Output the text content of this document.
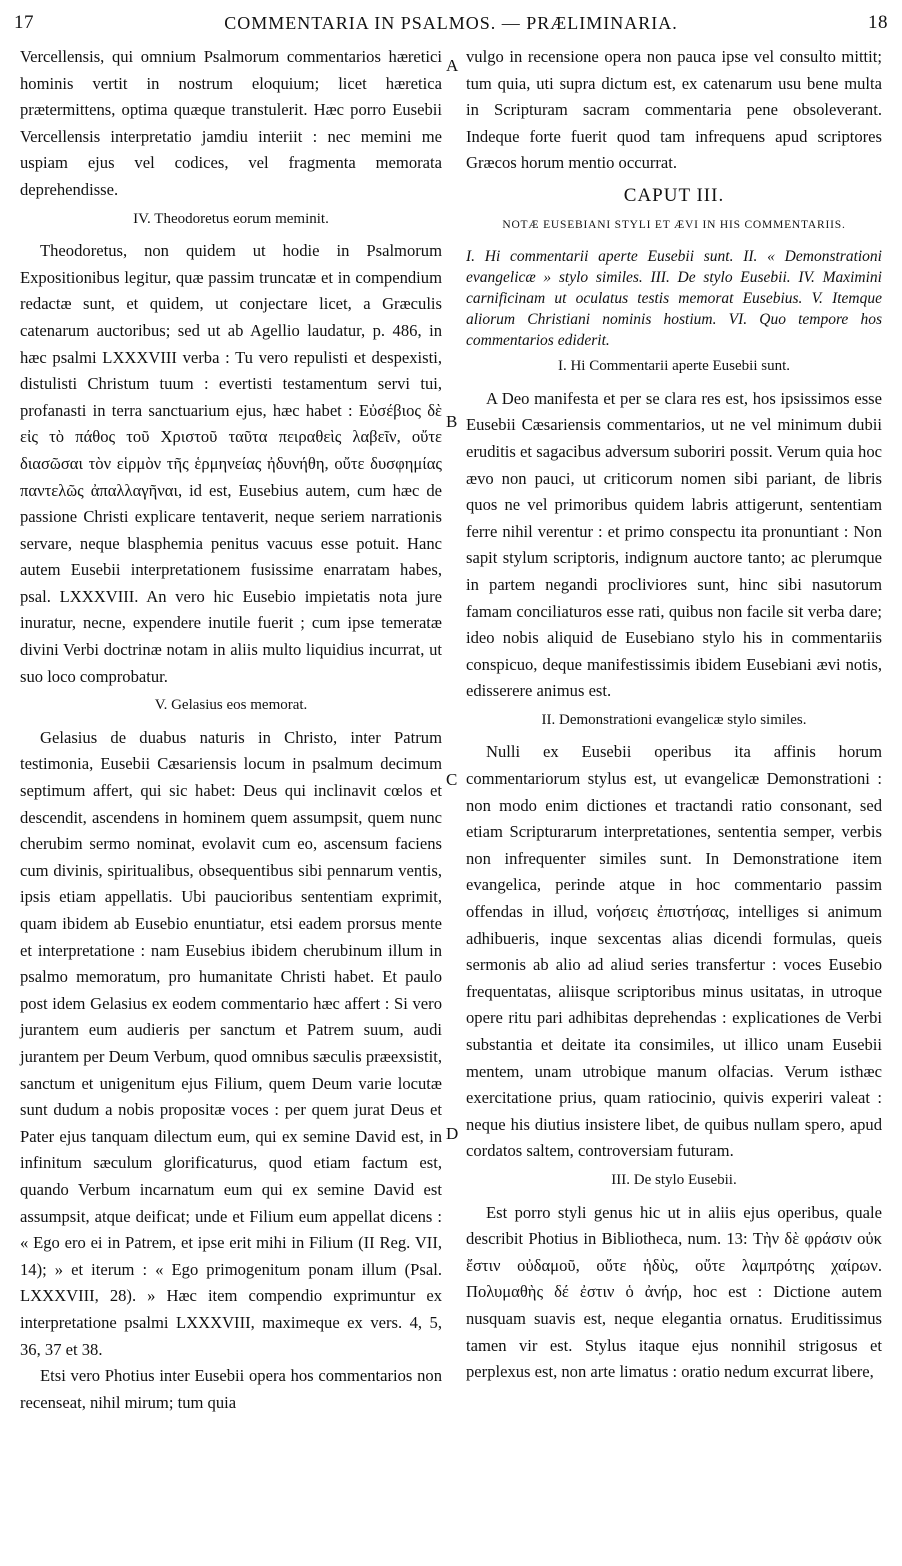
17	COMMENTARIA IN PSALMOS. — PRÆLIMINARIA.	18
A
B
C
D

Vercellensis, qui omnium Psalmorum commentarios hæretici hominis vertit in nostrum eloquium; licet hæretica prætermittens, optima quæque transtulerit. Hæc porro Eusebii Vercellensis interpretatio jamdiu interiit : nec memini me uspiam ejus vel codices, vel fragmenta memorata deprehendisse.

IV. Theodoretus eorum meminit.

Theodoretus, non quidem ut hodie in Psalmorum Expositionibus legitur, quæ passim truncatæ et in compendium redactæ sunt, et quidem, ut conjectare licet, a Græculis catenarum auctoribus; sed ut ab Agellio laudatur, p. 486, in hæc psalmi LXXXVIII verba : Tu vero repulisti et despexisti, distulisti Christum tuum : evertisti testamentum servi tui, profanasti in terra sanctuarium ejus, hæc habet : Εὐσέβιος δὲ εἰς τὸ πάθος τοῦ Χριστοῦ ταῦτα πειραθεὶς λαβεῖν, οὔτε διασῶσαι τὸν εἱρμὸν τῆς ἑρμηνείας ἠδυνήθη, οὔτε δυσφημίας παντελῶς ἀπαλλαγῆναι, id est, Eusebius autem, cum hæc de passione Christi explicare tentaverit, neque seriem narrationis servare, neque blasphemia penitus vacuus esse potuit. Hanc autem Eusebii interpretationem fusissime enarratam habes, psal. LXXXVIII. An vero hic Eusebio impietatis nota jure inuratur, necne, expendere inutile fuerit ; cum ipse temeratæ divini Verbi doctrinæ notam in aliis multo liquidius incurrat, ut suo loco comprobatur.

V. Gelasius eos memorat.

Gelasius de duabus naturis in Christo, inter Patrum testimonia, Eusebii Cæsariensis locum in psalmum decimum septimum affert, qui sic habet: Deus qui inclinavit cœlos et descendit, ascendens in hominem quem assumpsit, quem nunc cherubim sermo nominat, evolavit cum eo, ascensum faciens cum divinis, spiritualibus, obsequentibus sibi pennarum ventis, ipsis etiam appellatis. Ubi paucioribus sententiam exprimit, quam ibidem ab Eusebio enuntiatur, etsi eadem prorsus mente et interpretatione : nam Eusebius ibidem cherubinum illum in psalmo memoratum, pro humanitate Christi habet. Et paulo post idem Gelasius ex eodem commentario hæc affert : Si vero jurantem eum audieris per sanctum et Patrem suum, audi jurantem per Deum Verbum, quod omnibus sæculis præexsistit, sanctum et unigenitum ejus Filium, quem Deum varie locutæ sunt dudum a nobis propositæ voces : per quem jurat Deus et Pater ejus tanquam dilectum eum, qui ex semine David est, in infinitum sæculum glorificaturus, quod etiam factum est, quando Verbum incarnatum eum qui ex semine David est assumpsit, atque deificat; unde et Filium eum appellat dicens : « Ego ero ei in Patrem, et ipse erit mihi in Filium (II Reg. VII, 14); » et iterum : « Ego primogenitum ponam illum (Psal. LXXXVIII, 28). » Hæc item compendio exprimuntur ex interpretatione psalmi LXXXVIII, maximeque ex vers. 4, 5, 36, 37 et 38.

Etsi vero Photius inter Eusebii opera hos commentarios non recenseat, nihil mirum; tum quia

vulgo in recensione opera non pauca ipse vel consulto mittit; tum quia, uti supra dictum est, ex catenarum usu bene multa in Scripturam sacram commentaria pene obsoleverant. Indeque forte fuerit quod tam infrequens apud scriptores Græcos horum mentio occurrat.

CAPUT III.
NOTÆ EUSEBIANI STYLI ET ÆVI IN HIS COMMENTARIIS.

I. Hi commentarii aperte Eusebii sunt. II. « Demonstrationi evangelicæ » stylo similes. III. De stylo Eusebii. IV. Maximini carnificinam ut oculatus testis memorat Eusebius. V. Itemque aliorum Christiani nominis hostium. VI. Quo tempore hos commentarios ediderit.

I. Hi Commentarii aperte Eusebii sunt.

A Deo manifesta et per se clara res est, hos ipsissimos esse Eusebii Cæsariensis commentarios, ut ne vel minimum dubii eruditis et sagacibus adversum suboriri possit. Verum quia hoc ævo non pauci, ut criticorum nomen sibi pariant, de libris quos ne vel primoribus quidem labris attigerunt, sententiam ferre nihil verentur : et primo conspectu ita pronuntiant : Non sapit stylum scriptoris, indignum auctore tanto; ac plerumque in partem negandi procliviores sunt, hinc sibi nasutorum famam conciliaturos esse rati, quibus non facile sit verba dare; ideo nobis aliquid de Eusebiano stylo his in commentariis conspicuo, deque manifestissimis ibidem Eusebiani ævi notis, edisserere animus est.

II. Demonstrationi evangelicæ stylo similes.

Nulli ex Eusebii operibus ita affinis horum commentariorum stylus est, ut evangelicæ Demonstrationi : non modo enim dictiones et tractandi ratio consonant, sed etiam Scripturarum interpretationes, sententia semper, verbis non infrequenter similes sunt. In Demonstratione item evangelica, perinde atque in hoc commentario passim offendas in illud, νοήσεις ἐπιστήσας, intelliges si animum adhibueris, inque sexcentas alias dicendi formulas, queis sermonis ab alio ad aliud series transfertur : voces Eusebio frequentatas, aliisque scriptoribus minus usitatas, in utroque opere ritu pari adhibitas deprehendas : explicationes de Verbi substantia et deitate ita consimiles, ut illico unam Eusebii mentem, unam utrobique manum olfacias. Verum isthæc exercitatione prius, quam ratiocinio, quivis experiri valeat : neque his diutius insistere libet, de quibus nullam spero, apud cordatos saltem, controversiam futuram.

III. De stylo Eusebii.

Est porro styli genus hic ut in aliis ejus operibus, quale describit Photius in Bibliotheca, num. 13: Τὴν δὲ φράσιν οὐκ ἔστιν οὐδαμοῦ, οὔτε ἡδὺς, οὔτε λαμπρότης χαίρων. Πολυμαθὴς δέ ἐστιν ὁ ἀνήρ, hoc est : Dictione autem nusquam suavis est, neque elegantia ornatus. Eruditissimus tamen vir est. Stylus itaque ejus nonnihil strigosus et perplexus est, non arte limatus : oratio nedum excurrat libere,
